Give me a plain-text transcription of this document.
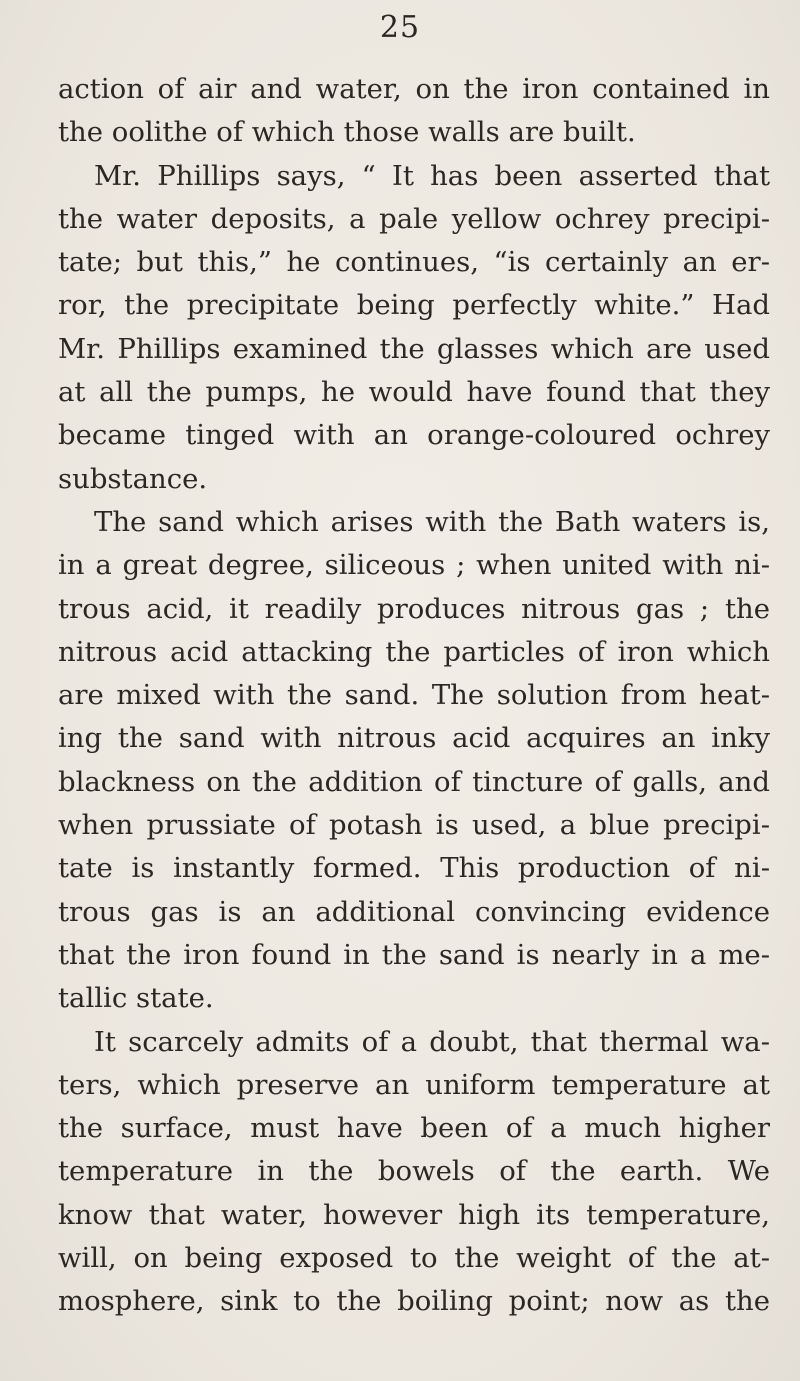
25
action of air and water, on the iron contained in
the oolithe of which those walls are built.
Mr. Phillips says, “ It has been asserted that
the water deposits, a pale yellow ochrey precipi-
tate; but this,” he continues, “is certainly an er-
ror, the precipitate being perfectly white.” Had
Mr. Phillips examined the glasses which are used
at all the pumps, he would have found that they
became tinged with an orange-coloured ochrey
substance.
The sand which arises with the Bath waters is,
in a great degree, siliceous ; when united with ni-
trous acid, it readily produces nitrous gas ; the
nitrous acid attacking the particles of iron which
are mixed with the sand. The solution from heat-
ing the sand with nitrous acid acquires an inky
blackness on the addition of tincture of galls, and
when prussiate of potash is used, a blue precipi-
tate is instantly formed. This production of ni-
trous gas is an additional convincing evidence
that the iron found in the sand is nearly in a me-
tallic state.
It scarcely admits of a doubt, that thermal wa-
ters, which preserve an uniform temperature at
the surface, must have been of a much higher
temperature in the bowels of the earth. We
know that water, however high its temperature,
will, on being exposed to the weight of the at-
mosphere, sink to the boiling point; now as the
